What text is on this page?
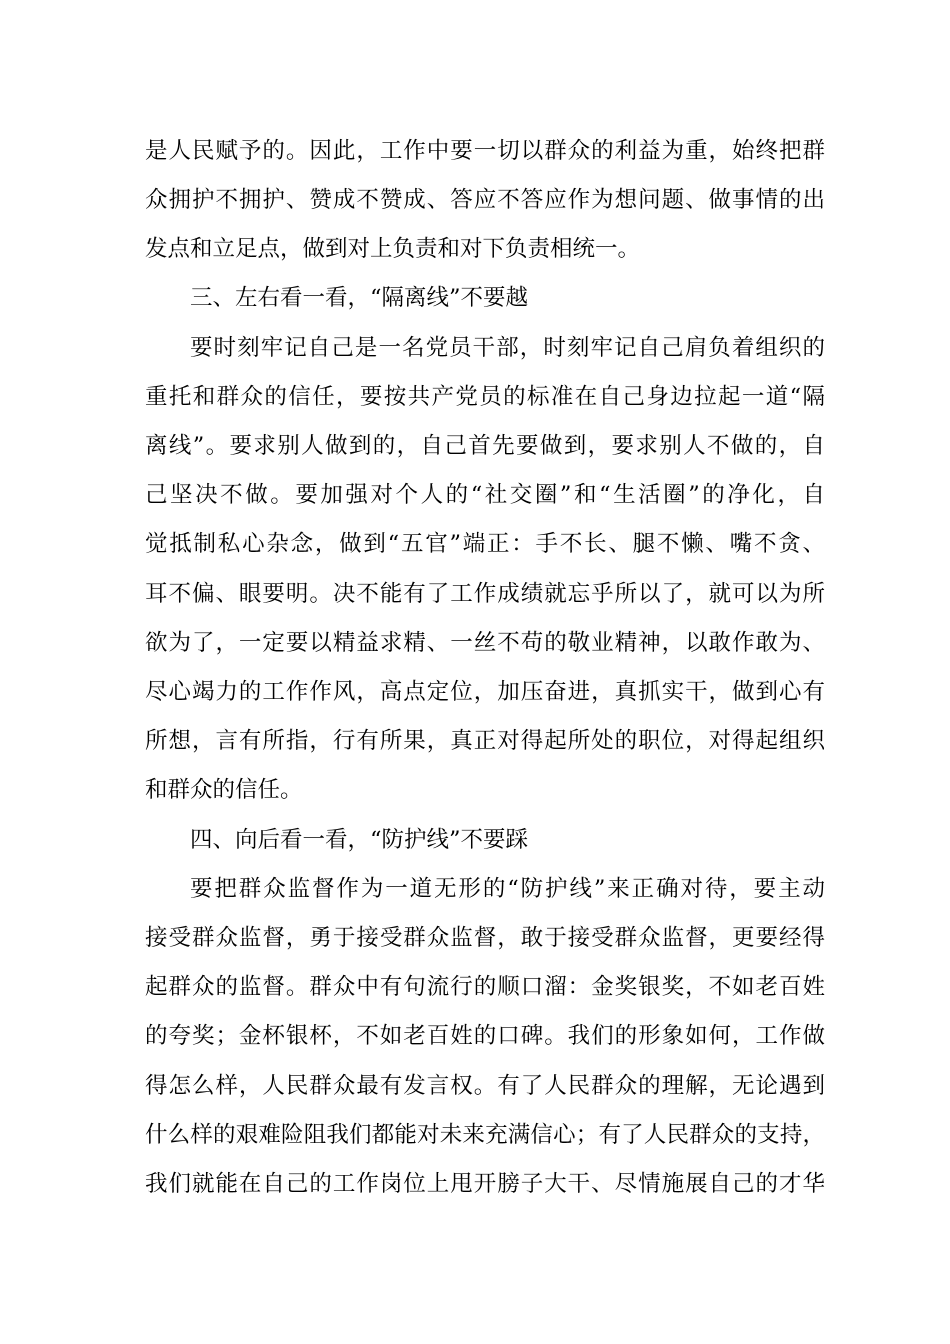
是人民赋予的。因此，工作中要一切以群众的利益为重，始终把群
众拥护不拥护、赞成不赞成、答应不答应作为想问题、做事情的出
发点和立足点，做到对上负责和对下负责相统一。
三、左右看一看，“隔离线”不要越
要时刻牢记自己是一名党员干部，时刻牢记自己肩负着组织的
重托和群众的信任，要按共产党员的标准在自己身边拉起一道“隔
离线”。要求别人做到的，自己首先要做到，要求别人不做的，自
己坚决不做。要加强对个人的“社交圈”和“生活圈”的净化，自
觉抵制私心杂念，做到“五官”端正：手不长、腿不懒、嘴不贪、
耳不偏、眼要明。决不能有了工作成绩就忘乎所以了，就可以为所
欲为了，一定要以精益求精、一丝不苟的敬业精神，以敢作敢为、
尽心竭力的工作作风，高点定位，加压奋进，真抓实干，做到心有
所想，言有所指，行有所果，真正对得起所处的职位，对得起组织
和群众的信任。
四、向后看一看，“防护线”不要踩
要把群众监督作为一道无形的“防护线”来正确对待，要主动
接受群众监督，勇于接受群众监督，敢于接受群众监督，更要经得
起群众的监督。群众中有句流行的顺口溜：金奖银奖，不如老百姓
的夸奖；金杯银杯，不如老百姓的口碑。我们的形象如何，工作做
得怎么样，人民群众最有发言权。有了人民群众的理解，无论遇到
什么样的艰难险阻我们都能对未来充满信心；有了人民群众的支持，
我们就能在自己的工作岗位上甩开膀子大干、尽情施展自己的才华
